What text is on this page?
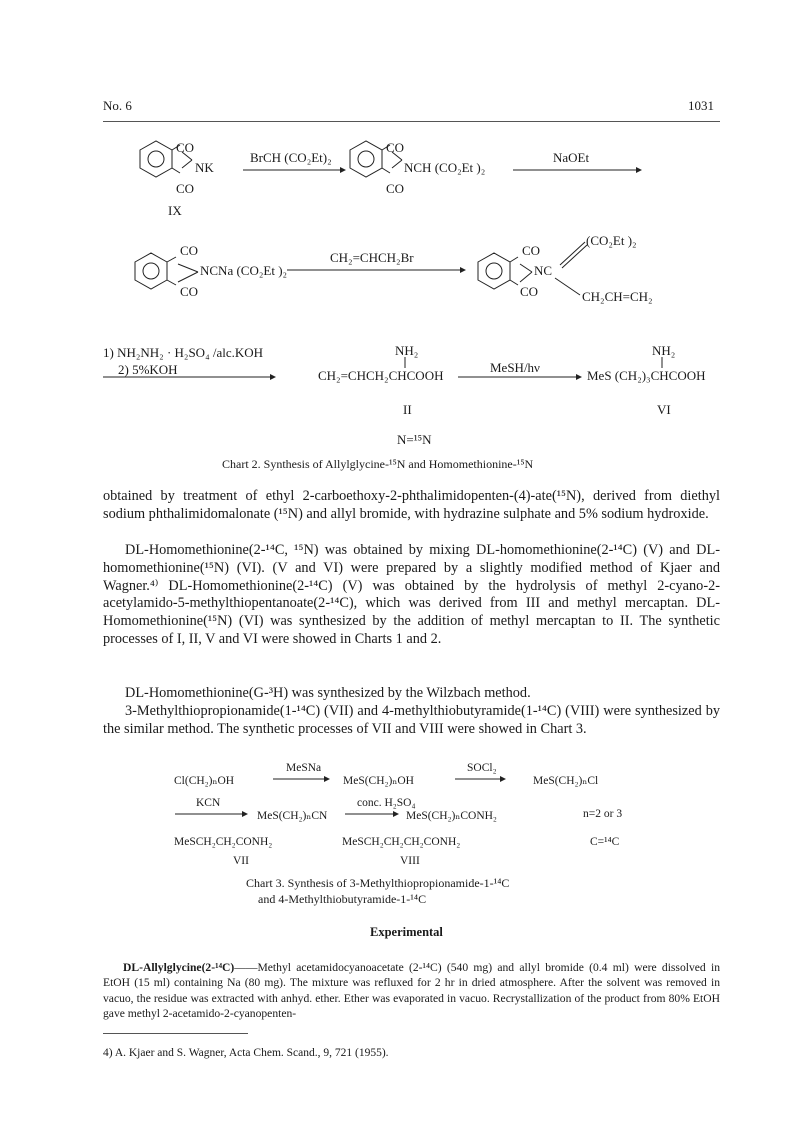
No. 6	1031
CO
NK
CO
IX
BrCH (CO₂Et)₂
CO
NCH (CO₂Et )₂
CO
NaOEt
CO
NCNa (CO₂Et )₂
CO
CH₂=CHCH₂Br	CO
NC
CO
(CO₂Et )₂
CH₂CH=CH₂
1) NH₂NH₂ · H₂SO₄ /alc.KOH
2) 5%KOH
NH₂
CH₂=CHCH₂CHCOOH
MeSH/hν
NH₂
MeS (CH₂)₃CHCOOH
II	VI
N=¹⁵N
Chart 2. Synthesis of Allylglycine-¹⁵N and Homomethionine-¹⁵N

obtained by treatment of ethyl 2-carboethoxy-2-phthalimidopenten-(4)-ate(¹⁵N), derived from diethyl sodium phthalimidomalonate (¹⁵N) and allyl bromide, with hydrazine sulphate and 5% sodium hydroxide.

DL-Homomethionine(2-¹⁴C, ¹⁵N) was obtained by mixing DL-homomethionine(2-¹⁴C) (V) and DL-homomethionine(¹⁵N) (VI). (V and VI) were prepared by a slightly modified method of Kjaer and Wagner.⁴⁾ DL-Homomethionine(2-¹⁴C) (V) was obtained by the hydrolysis of methyl 2-cyano-2-acetylamido-5-methylthiopentanoate(2-¹⁴C), which was derived from III and methyl mercaptan. DL-Homomethionine(¹⁵N) (VI) was synthesized by the addition of methyl mercaptan to II. The synthetic processes of I, II, V and VI were showed in Charts 1 and 2.

DL-Homomethionine(G-³H) was synthesized by the Wilzbach method.

3-Methylthiopropionamide(1-¹⁴C) (VII) and 4-methylthiobutyramide(1-¹⁴C) (VIII) were synthesized by the similar method. The synthetic processes of VII and VIII were showed in Chart 3.

MeSNa	SOCl₂
Cl(CH₂)ₙOH	MeS(CH₂)ₙOH	MeS(CH₂)ₙCl
KCN	conc. H₂SO₄
MeS(CH₂)ₙCN	MeS(CH₂)ₙCONH₂	n=2 or 3
MeSCH₂CH₂CONH₂	MeSCH₂CH₂CH₂CONH₂	C=¹⁴C
VII	VIII
Chart 3. Synthesis of 3-Methylthiopropionamide-1-¹⁴C
and 4-Methylthiobutyramide-1-¹⁴C
Experimental

DL-Allylglycine(2-¹⁴C)——Methyl acetamidocyanoacetate (2-¹⁴C) (540 mg) and allyl bromide (0.4 ml) were dissolved in EtOH (15 ml) containing Na (80 mg). The mixture was refluxed for 2 hr in dried atmosphere. After the solvent was removed in vacuo, the residue was extracted with anhyd. ether. Ether was evaporated in vacuo. Recrystallization of the product from 80% EtOH gave methyl 2-acetamido-2-cyanopenten-

4) A. Kjaer and S. Wagner, Acta Chem. Scand., 9, 721 (1955).
